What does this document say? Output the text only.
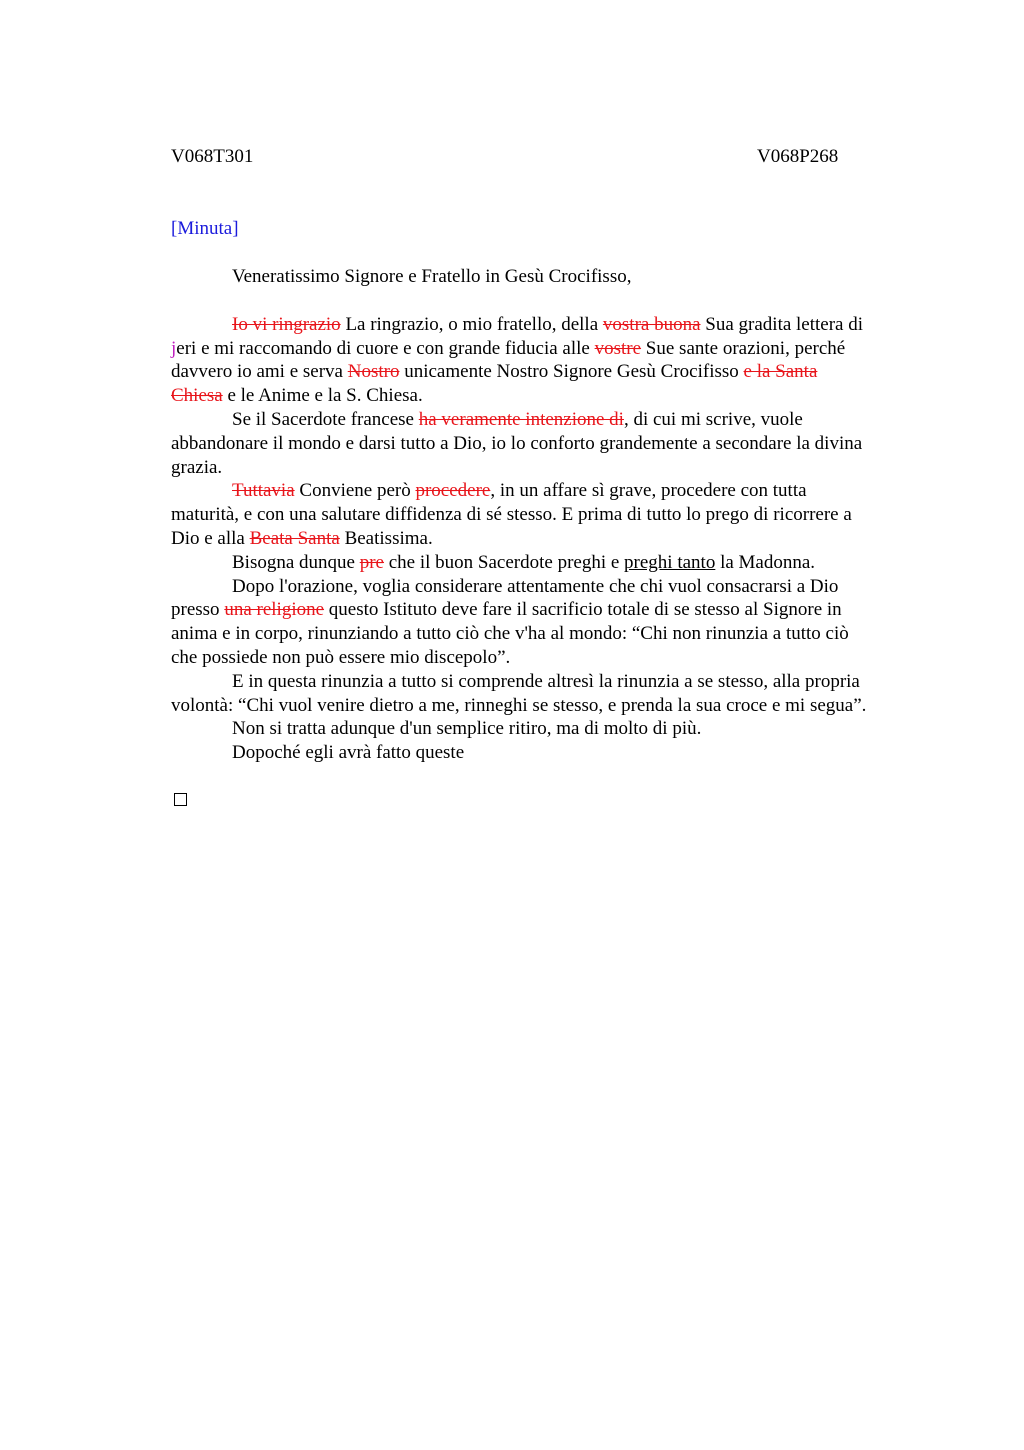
V068T301	V068P268
[Minuta]

Veneratissimo Signore e Fratello in Gesù Crocifisso,

Io vi ringrazio La ringrazio, o mio fratello, della vostra buona Sua gradita lettera di

jeri e mi raccomando di cuore e con grande fiducia alle vostre Sue sante orazioni, perché

davvero io ami e serva Nostro unicamente Nostro Signore Gesù Crocifisso e la Santa

Chiesa e le Anime e la S. Chiesa.

Se il Sacerdote francese ha veramente intenzione di, di cui mi scrive, vuole

abbandonare il mondo e darsi tutto a Dio, io lo conforto grandemente a secondare la divina

grazia.

Tuttavia Conviene però procedere, in un affare sì grave, procedere con tutta

maturità, e con una salutare diffidenza di sé stesso. E prima di tutto lo prego di ricorrere a

Dio e alla Beata Santa Beatissima.

Bisogna dunque pre che il buon Sacerdote preghi e preghi tanto la Madonna.

Dopo l'orazione, voglia considerare attentamente che chi vuol consacrarsi a Dio

presso una religione questo Istituto deve fare il sacrificio totale di se stesso al Signore in

anima e in corpo, rinunziando a tutto ciò che v'ha al mondo: “Chi non rinunzia a tutto ciò

che possiede non può essere mio discepolo”.

E in questa rinunzia a tutto si comprende altresì la rinunzia a se stesso, alla propria

volontà: “Chi vuol venire dietro a me, rinneghi se stesso, e prenda la sua croce e mi segua”.

Non si tratta adunque d'un semplice ritiro, ma di molto di più.

Dopoché egli avrà fatto queste
